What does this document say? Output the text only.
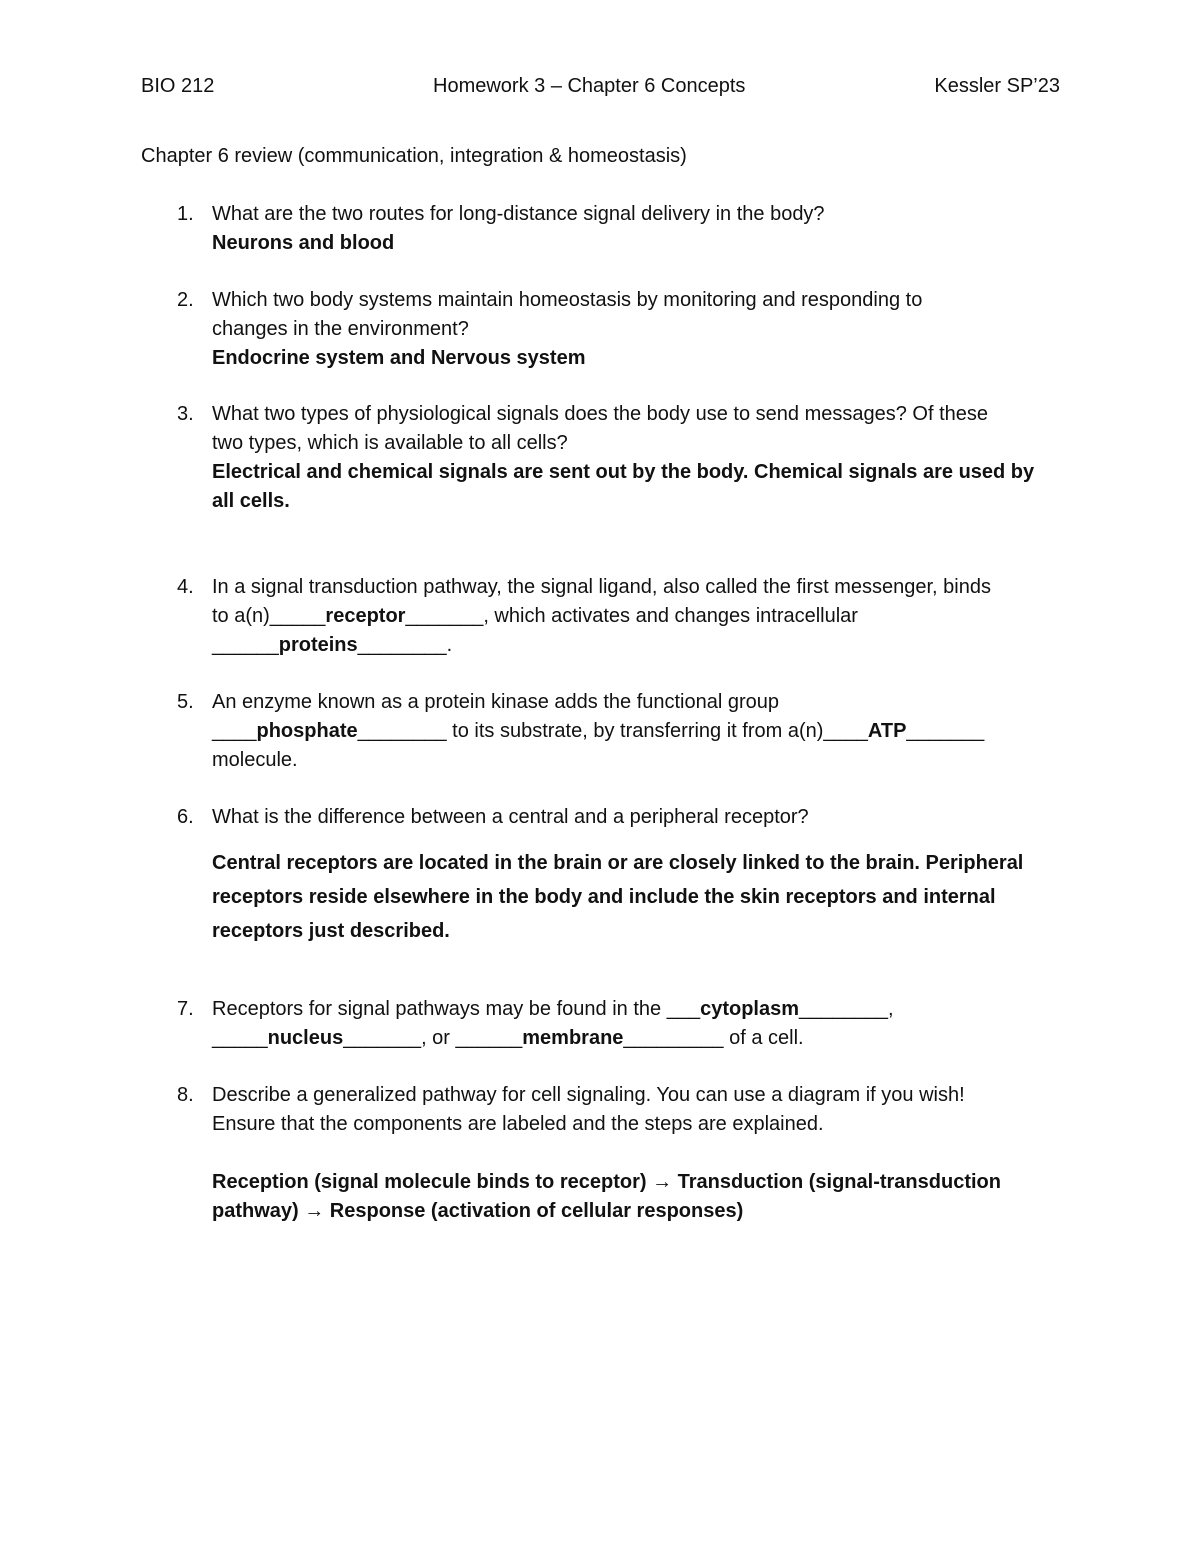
BIO 212	Homework 3 – Chapter 6 Concepts	Kessler SP’23
Chapter 6 review (communication, integration & homeostasis)
1. What are the two routes for long-distance signal delivery in the body?
Neurons and blood
2. Which two body systems maintain homeostasis by monitoring and responding to
changes in the environment?
Endocrine system and Nervous system
3. What two types of physiological signals does the body use to send messages? Of these
two types, which is available to all cells?
Electrical and chemical signals are sent out by the body. Chemical signals are used by
all cells.
4. In a signal transduction pathway, the signal ligand, also called the first messenger, binds
to a(n)_____receptor_______, which activates and changes intracellular
______proteins________.
5. An enzyme known as a protein kinase adds the functional group
____phosphate________ to its substrate, by transferring it from a(n)____ATP_______
molecule.
6. What is the difference between a central and a peripheral receptor?
Central receptors are located in the brain or are closely linked to the brain. Peripheral
receptors reside elsewhere in the body and include the skin receptors and internal
receptors just described.
7. Receptors for signal pathways may be found in the ___cytoplasm________,
_____nucleus_______, or ______membrane_________ of a cell.
8. Describe a generalized pathway for cell signaling. You can use a diagram if you wish!
Ensure that the components are labeled and the steps are explained.
Reception (signal molecule binds to receptor) → Transduction (signal-transduction
pathway) → Response (activation of cellular responses)
